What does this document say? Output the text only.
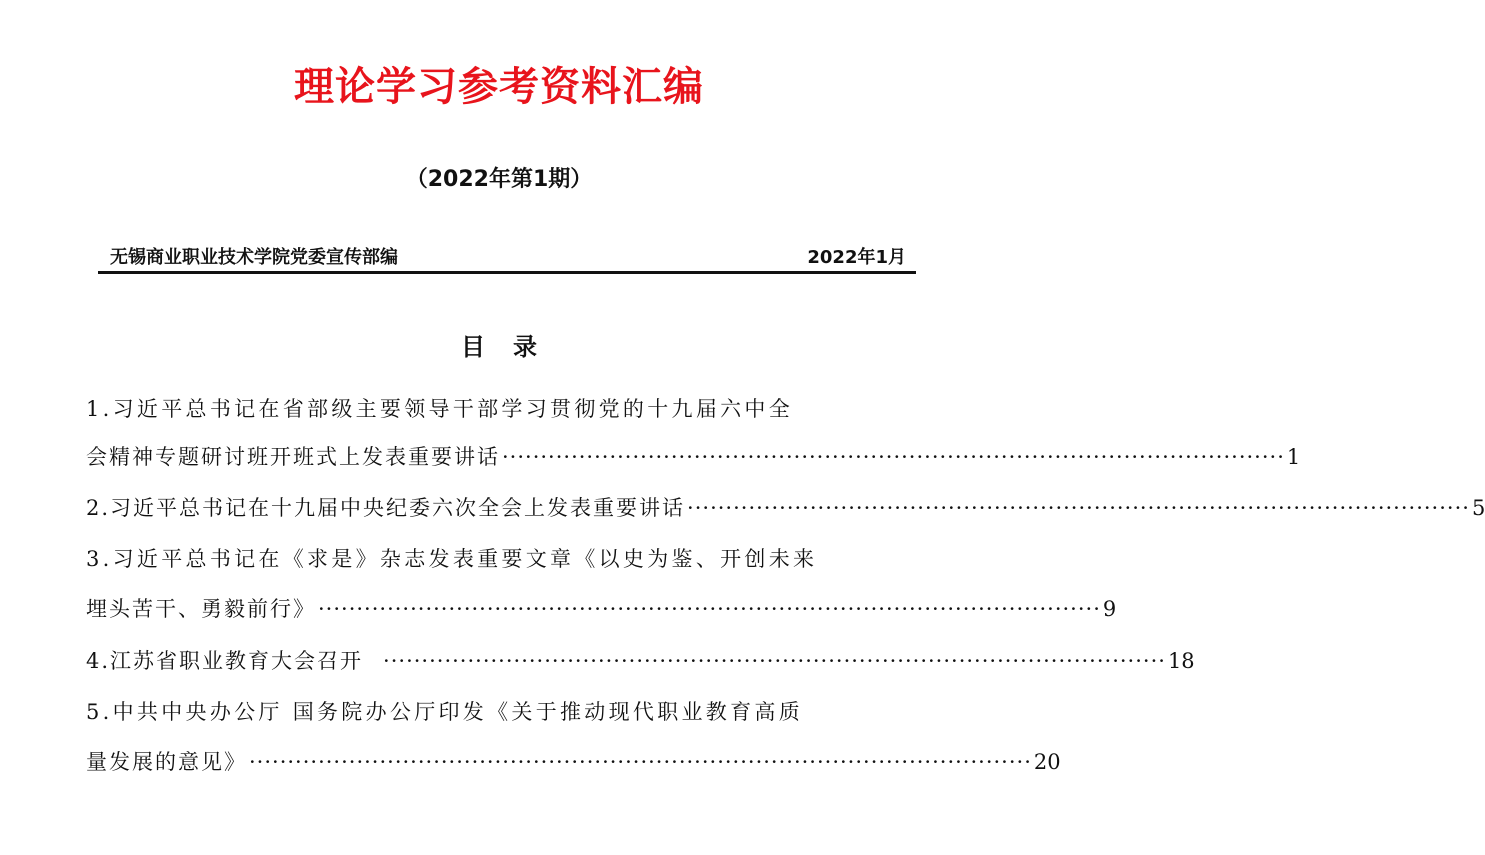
理论学习参考资料汇编
（2022年第1期）
无锡商业职业技术学院党委宣传部编	2022年1月
目 录
1.习近平总书记在省部级主要领导干部学习贯彻党的十九届六中全
会精神专题研讨班开班式上发表重要讲话 ······································································································ 1
2.习近平总书记在十九届中央纪委六次全会上发表重要讲话 ······································································································ 5
3.习近平总书记在《求是》杂志发表重要文章《以史为鉴、开创未来
埋头苦干、勇毅前行》 ······································································································ 9
4.江苏省职业教育大会召开 ······································································································ 18
5.中共中央办公厅 国务院办公厅印发《关于推动现代职业教育高质
量发展的意见》 ······································································································ 20
